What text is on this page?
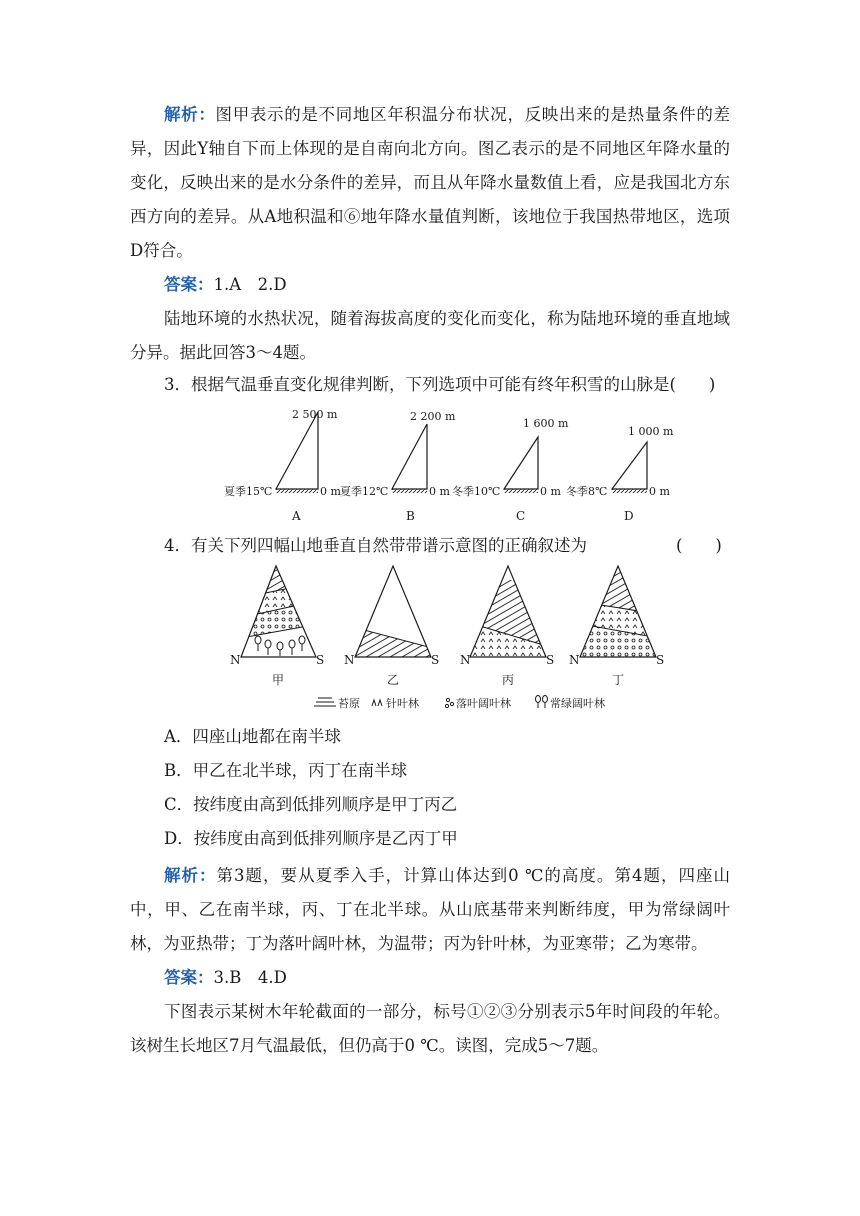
解析：图甲表示的是不同地区年积温分布状况，反映出来的是热量条件的差异，因此Y轴自下而上体现的是自南向北方向。图乙表示的是不同地区年降水量的变化，反映出来的是水分条件的差异，而且从年降水量数值上看，应是我国北方东西方向的差异。从A地积温和⑥地年降水量值判断，该地位于我国热带地区，选项D符合。

答案：1.A　2.D

陆地环境的水热状况，随着海拔高度的变化而变化，称为陆地环境的垂直地域分异。据此回答3～4题。

3．根据气温垂直变化规律判断，下列选项中可能有终年积雪的山脉是(　　)

2 500 m
夏季15℃	0 m
A
2 200 m
夏季12℃	0 m
B
1 600 m
冬季10℃	0 m
C
1 000 m
冬季8℃	0 m
D

4．有关下列四幅山地垂直自然带带谱示意图的正确叙述为	(　　)
N	S
甲
N	S
乙
N	S
丙
N	S
丁
苔原 针叶林	落叶阔叶林	常绿阔叶林

A．四座山地都在南半球

B．甲乙在北半球，丙丁在南半球

C．按纬度由高到低排列顺序是甲丁丙乙

D．按纬度由高到低排列顺序是乙丙丁甲

解析：第3题，要从夏季入手，计算山体达到0 ℃的高度。第4题，四座山中，甲、乙在南半球，丙、丁在北半球。从山底基带来判断纬度，甲为常绿阔叶林，为亚热带；丁为落叶阔叶林，为温带；丙为针叶林，为亚寒带；乙为寒带。

答案：3.B　4.D

下图表示某树木年轮截面的一部分，标号①②③分别表示5年时间段的年轮。该树生长地区7月气温最低，但仍高于0 ℃。读图，完成5～7题。
